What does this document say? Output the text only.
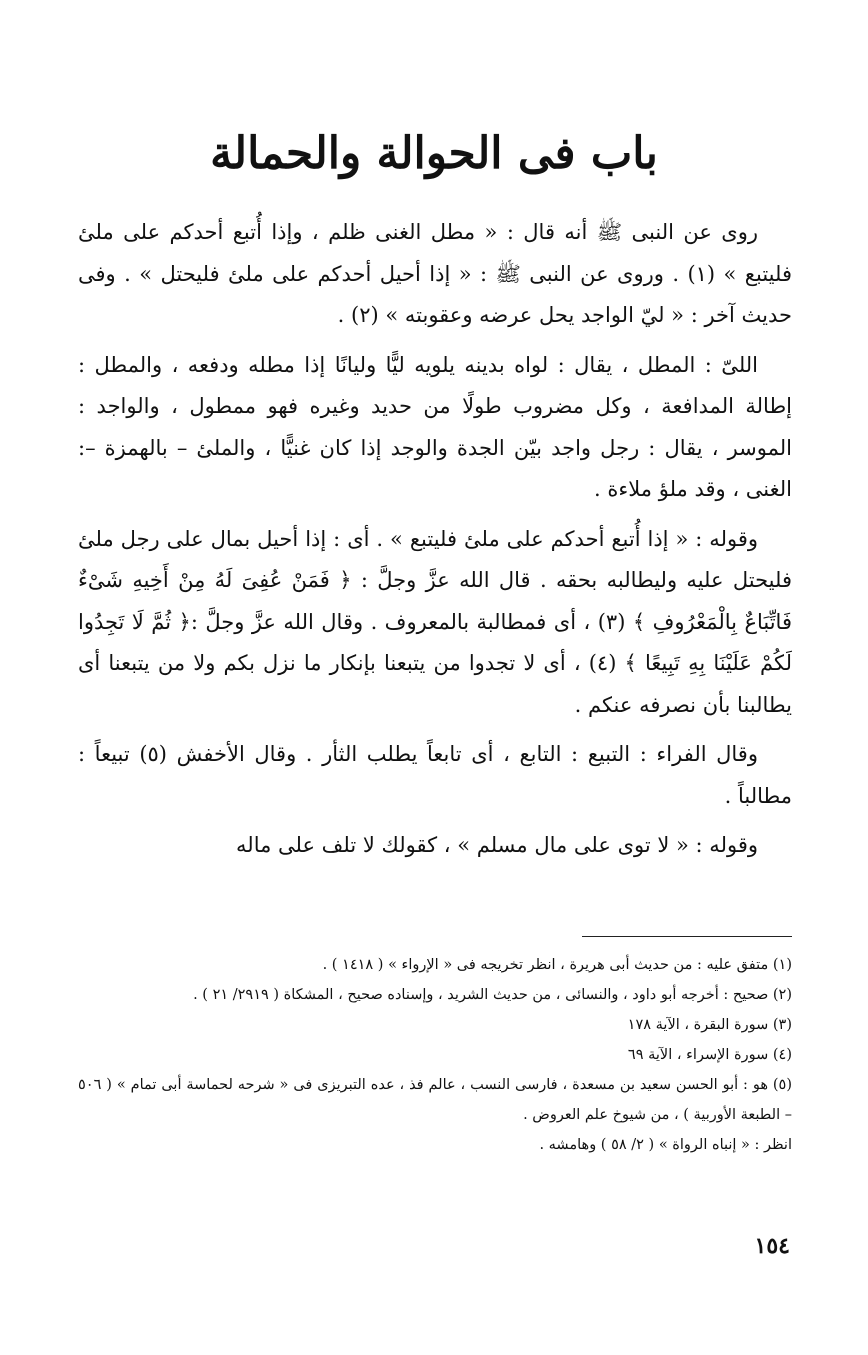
باب فى الحوالة والحمالة

روى عن النبى ﷺ أنه قال : « مطل الغنى ظلم ، وإذا أُتبع أحدكم على ملئ فليتبع » (١) . وروى عن النبى ﷺ : « إذا أحيل أحدكم على ملئ فليحتل » . وفى حديث آخر : « ليّ الواجد يحل عرضه وعقوبته » (٢) .

اللىّ : المطل ، يقال : لواه بدينه يلويه ليًّا وليانًا إذا مطله ودفعه ، والمطل : إطالة المدافعة ، وكل مضروب طولًا من حديد وغيره فهو ممطول ، والواجد : الموسر ، يقال : رجل واجد بيّن الجدة والوجد إذا كان غنيًّا ، والملئ – بالهمزة –: الغنى ، وقد ملؤ ملاءة .

وقوله : « إذا أُتبع أحدكم على ملئ فليتبع » . أى : إذا أحيل بمال على رجل ملئ فليحتل عليه وليطالبه بحقه . قال الله عزَّ وجلَّ : ﴿ فَمَنْ عُفِىَ لَهُ مِنْ أَخِيهِ شَىْءٌ فَاتِّبَاعٌ بِالْمَعْرُوفِ ﴾ (٣) ، أى فمطالبة بالمعروف . وقال الله عزَّ وجلَّ :﴿ ثُمَّ لَا تَجِدُوا لَكُمْ عَلَيْنَا بِهِ تَبِيعًا ﴾ (٤) ، أى لا تجدوا من يتبعنا بإنكار ما نزل بكم ولا من يتبعنا أى يطالبنا بأن نصرفه عنكم .

وقال الفراء : التبيع : التابع ، أى تابعاً يطلب الثأر . وقال الأخفش (٥) تبيعاً : مطالباً .

وقوله : « لا توى على مال مسلم » ، كقولك لا تلف على ماله

(١) متفق عليه : من حديث أبى هريرة ، انظر تخريجه فى « الإرواء » ( ١٤١٨ ) .

(٢) صحيح : أخرجه أبو داود ، والنسائى ، من حديث الشريد ، وإسناده صحيح ، المشكاة ( ٢٩١٩/ ٢١ ) .

(٣) سورة البقرة ، الآية ١٧٨

(٤) سورة الإسراء ، الآية ٦٩

(٥) هو : أبو الحسن سعيد بن مسعدة ، فارسى النسب ، عالم فذ ، عده التبريزى فى « شرحه لحماسة أبى تمام » ( ٥٠٦ – الطبعة الأوربية ) ، من شيوخ علم العروض .

انظر : « إنباه الرواة » ( ٢/ ٥٨ ) وهامشه .

١٥٤
